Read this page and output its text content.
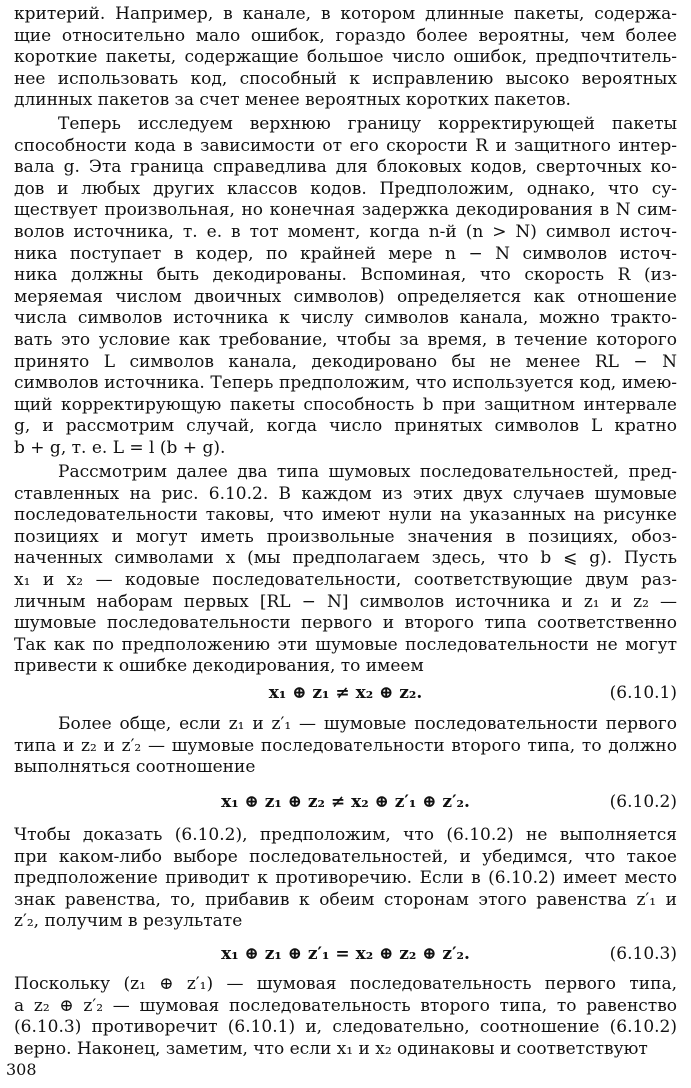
критерий. Например, в канале, в котором длинные пакеты, содержа-
щие относительно мало ошибок, гораздо более вероятны, чем более
короткие пакеты, содержащие большое число ошибок, предпочтитель-
нее использовать код, способный к исправлению высоко вероятных
длинных пакетов за счет менее вероятных коротких пакетов.
Теперь исследуем верхнюю границу корректирующей пакеты
способности кода в зависимости от его скорости R и защитного интер-
вала g. Эта граница справедлива для блоковых кодов, сверточных ко-
дов и любых других классов кодов. Предположим, однако, что су-
ществует произвольная, но конечная задержка декодирования в N сим-
волов источника, т. е. в тот момент, когда n-й (n > N) символ источ-
ника поступает в кодер, по крайней мере n − N символов источ-
ника должны быть декодированы. Вспоминая, что скорость R (из-
меряемая числом двоичных символов) определяется как отношение
числа символов источника к числу символов канала, можно тракто-
вать это условие как требование, чтобы за время, в течение которого
принято L символов канала, декодировано бы не менее RL − N
символов источника. Теперь предположим, что используется код, имею-
щий корректирующую пакеты способность b при защитном интервале
g, и рассмотрим случай, когда число принятых символов L кратно
b + g, т. е. L = l (b + g).
Рассмотрим далее два типа шумовых последовательностей, пред-
ставленных на рис. 6.10.2. В каждом из этих двух случаев шумовые
последовательности таковы, что имеют нули на указанных на рисунке
позициях и могут иметь произвольные значения в позициях, обоз-
наченных символами x (мы предполагаем здесь, что b ⩽ g). Пусть
x₁ и x₂ — кодовые последовательности, соответствующие двум раз-
личным наборам первых [RL − N] символов источника и z₁ и z₂ —
шумовые последовательности первого и второго типа соответственно
Так как по предположению эти шумовые последовательности не могут
привести к ошибке декодирования, то имеем
x₁ ⊕ z₁ ≠ x₂ ⊕ z₂.	(6.10.1)
Более обще, если z₁ и z′₁ — шумовые последовательности первого
типа и z₂ и z′₂ — шумовые последовательности второго типа, то должно
выполняться соотношение
x₁ ⊕ z₁ ⊕ z₂ ≠ x₂ ⊕ z′₁ ⊕ z′₂.	(6.10.2)
Чтобы доказать (6.10.2), предположим, что (6.10.2) не выполняется
при каком-либо выборе последовательностей, и убедимся, что такое
предположение приводит к противоречию. Если в (6.10.2) имеет место
знак равенства, то, прибавив к обеим сторонам этого равенства z′₁ и
z′₂, получим в результате
x₁ ⊕ z₁ ⊕ z′₁ = x₂ ⊕ z₂ ⊕ z′₂.	(6.10.3)
Поскольку (z₁ ⊕ z′₁) — шумовая последовательность первого типа,
а z₂ ⊕ z′₂ — шумовая последовательность второго типа, то равенство
(6.10.3) противоречит (6.10.1) и, следовательно, соотношение (6.10.2)
верно. Наконец, заметим, что если x₁ и x₂ одинаковы и соответствуют
308
